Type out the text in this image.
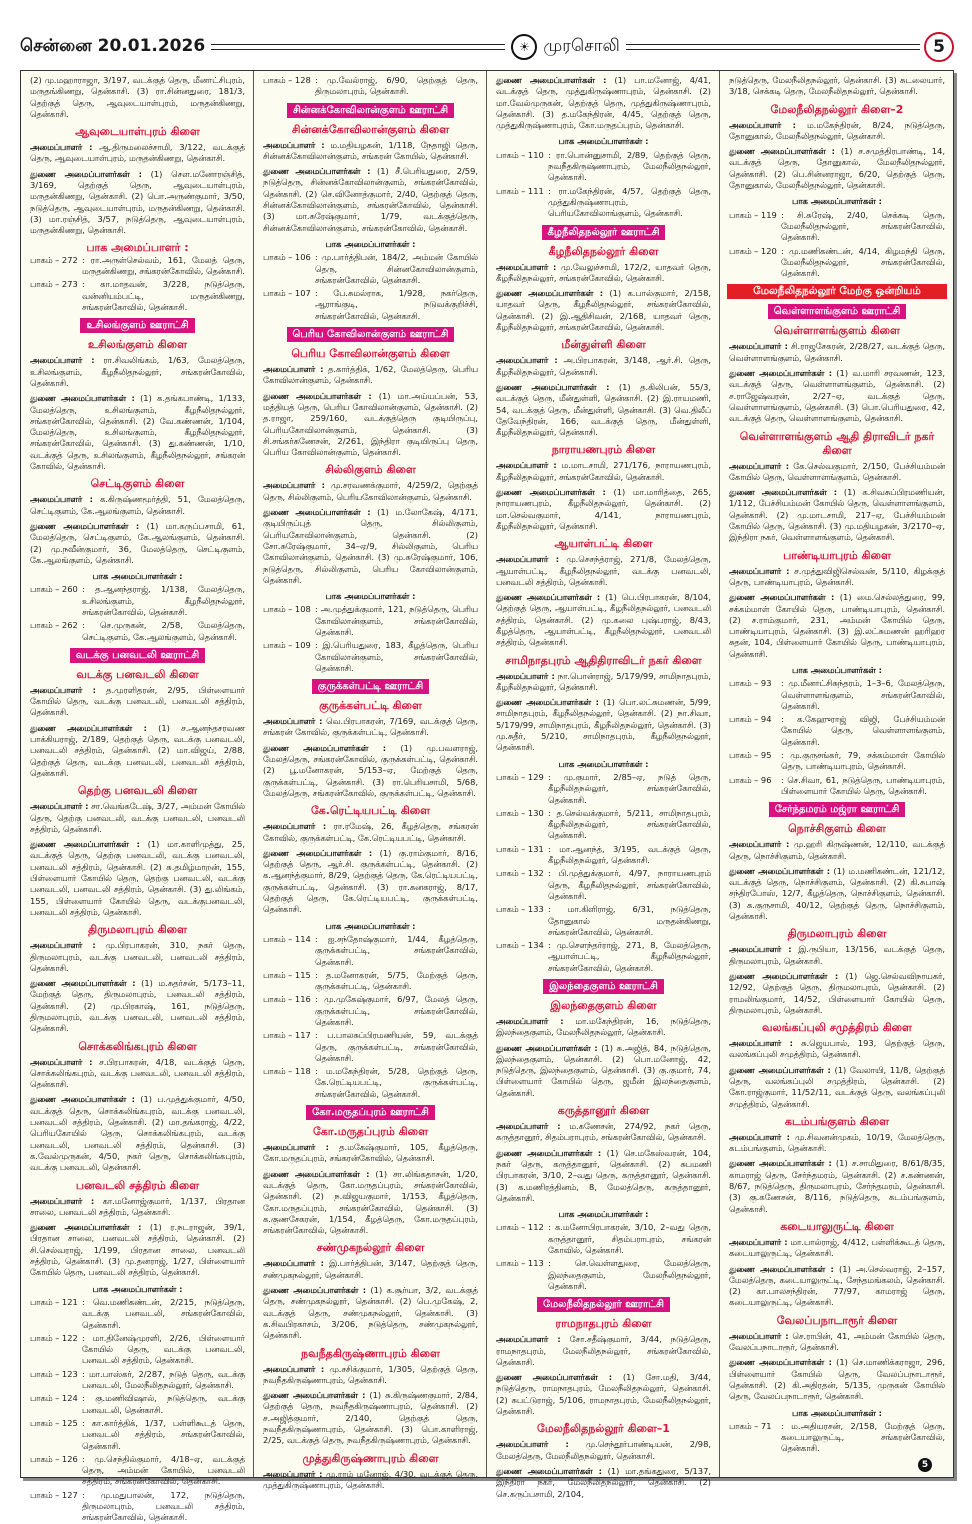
சென்னை 20.01.2026	☀ முரசொலி	5

(2) மு.மஹாராஜா, 3/197, வடக்குத் தெரு, மீனாட்சிபுரம், மருதங்கிணறு, தென்காசி. (3) ரா.சின்னதுரை, 181/3, தெற்குத் தெரு, ஆவுடையாள்புரம், மருதன்கிணறு, தென்காசி.

ஆவுடையாள்புரம் கிளை

அமைப்பாளர் : ஆ.திருமலைச்சாமி, 3/122, வடக்குத் தெரு, ஆவுடையாள்புரம், மருதன்கிணறு, தென்காசி.

துணை அமைப்பாளர்கள் : (1) சௌ.மனோரஞ்சித், 3/169, தெற்குத் தெரு, ஆவுடையாள்புரம், மருதன்கிணறு, தென்காசி. (2) பொ.அருண்குமார், 3/50, நடுத்தெரு, ஆவுடையாள்புரம், மருதன்கிணறு, தென்காசி. (3) மா.ரஞ்சித், 3/57, நடுத்தெரு, ஆவுடையாள்புரம், மருதன்கிணறு, தென்காசி.

பாக அமைப்பாளர் :
பாகம் – 272	: ரா.அருள்செல்வம், 161, மேலத் தெரு, மருதன்கிணறு, சங்கரன்கோவில், தென்காசி.
பாகம் – 273	: கா.மாதவன், 3/228, நடுத்தெரு, வன்னியம்பட்டி, மருதன்கிணறு, சங்கரன்கோவில், தென்காசி.
உசிலங்குளம் ஊராட்சி
உசிலங்குளம் கிளை

அமைப்பாளர் : ரா.சிவலிங்கம், 1/63, மேலத்தெரு, உசிலங்குளம், கீழநீலிதநல்லூர், சங்கரன்கோவில், தென்காசி.

துணை அமைப்பாளர்கள் : (1) க.தங்கபாண்டி, 1/133, மேலத்தெரு, உசிலங்குளம், கீழநீலிதநல்லூர், சங்கரன்கோவில், தென்காசி. (2) வே.கண்ணன், 1/104, மேலத்தெரு, உசிலங்குளம், கீழநீலிதநல்லூர், சங்கரன்கோவில், தென்காசி. (3) து.கண்ணன், 1/10, வடக்குத் தெரு, உசிலங்குளம், கீழநீலிதநல்லூர், சங்கரன் கோவில், தென்காசி.

செட்டிகுளம் கிளை

அமைப்பாளர் : க.கிருஷ்ணமூர்த்தி, 51, மேலத்தெரு, செட்டிகுளம், கே.ஆலங்குளம், தென்காசி.

துணை அமைப்பாளர்கள் : (1) மா.கருப்பசாமி, 61, மேலத்தெரு, செட்டிகுளம், கே.ஆலங்குளம், தென்காசி. (2) மு.நவீன்குமார், 36, மேலத்தெரு, செட்டிகுளம், கே.ஆலங்குளம், தென்காசி.

பாக அமைப்பாளர்கள் :
பாகம் – 260	: த.ஆனந்தராஜ், 1/138, மேலத்தெரு, உசிலங்குளம், கீழநீலிதநல்லூர், சங்கரன்கோவில், தென்காசி.
பாகம் – 262	: செ.முருகன், 2/58, மேலத்தெரு, செட்டிகுளம், கே.ஆலங்குளம், தென்காசி.
வடக்கு பனவடலி ஊராட்சி
வடக்கு பனவடலி கிளை

அமைப்பாளர் : த.முரளிதரன், 2/95, பிள்ளையார் கோயில் தெரு, வடக்கு பனவடலி, பனவடலி சத்திரம், தென்காசி.

துணை அமைப்பாளர்கள் : (1) ச.ஆனந்தசரவண பாக்கியராஜ், 2/189, தெற்குத் தெரு, வடக்கு பனவடலி, பனவடலி சத்திரம், தென்காசி. (2) மா.விஜய், 2/88, தெற்குத் தெரு, வடக்கு பனவடலி, பனவடலி சத்திரம், தென்காசி.

தெற்கு பனவடலி கிளை

அமைப்பாளர் : சா.வெங்கடேஷ், 3/27, அம்மன் கோயில் தெரு, தெற்கு பனவடலி, வடக்கு பனவடலி, பனவடலி சத்திரம், தென்காசி.

துணை அமைப்பாளர்கள் : (1) மா.காளிமுத்து, 25, வடக்குத் தெரு, தெற்கு பனவடலி, வடக்கு பனவடலி, பனவடலி சத்திரம், தென்காசி. (2) சு.தமிழ்மாறன், 155, பிள்ளையார் கோயில் தெரு, தெற்கு பனவடலி, வடக்கு பனவடலி, பனவடலி சத்திரம், தென்காசி. (3) து.லிங்கம், 155, பிள்ளையார் கோயில் தெரு, வடக்குபனவடலி, பனவடலி சத்திரம், தென்காசி.

திருமலாபுரம் கிளை

அமைப்பாளர் : மு.பிரபாகரன், 310, நகர் தெரு, திருமலாபுரம், வடக்கு பனவடலி, பனவடலி சத்திரம், தென்காசி.

துணை அமைப்பாளர்கள் : (1) ம.சுதர்சன், 5/173–11, மேற்குத் தெரு, திருமலாபுரம், பனவடலி சத்திரம், தென்காசி. (2) மு.பிரகாஷ், 161, நடுத்தெரு, திருமலாபுரம், வடக்கு பனவடலி, பனவடலி சத்திரம், தென்காசி.

சொக்கலிங்கபுரம் கிளை

அமைப்பாளர் : ச.பிரபாகரன், 4/18, வடக்குத் தெரு, சொக்கலிங்கபுரம், வடக்கு பனவடலி, பனவடலி சத்திரம், தென்காசி.

துணை அமைப்பாளர்கள் : (1) ப.முத்துக்குமார், 4/50, வடக்குத் தெரு, சொக்கலிங்கபுரம், வடக்கு பனவடலி, பனவடலி சத்திரம், தென்காசி. (2) மா.தங்கராஜ், 4/22, பெரியகோயில் தெரு, சொக்கலிங்கபுரம், வடக்கு பனவடலி, பனவடலி சத்திரம், தென்காசி. (3) க.வேல்முருகன், 4/50, நகர் தெரு, சொக்கலிங்கபுரம், வடக்கு பனவடலி, தென்காசி.

பனவடலி சத்திரம் கிளை

அமைப்பாளர் : கா.மனோஜ்குமார், 1/137, பிரதான சாலை, பனவடலி சத்திரம், தென்காசி.

துணை அமைப்பாளர்கள் : (1) ர.நடராஜன், 39/1, பிரதான சாலை, பனவடலி சத்திரம், தென்காசி. (2) சி.செல்வராஜ், 1/199, பிரதான சாலை, பனவடலி சத்திரம், தென்காசி. (3) மு.தனராஜ், 1/27, பிள்ளையார் கோயில் தெரு, பனவடலி சத்திரம், தென்காசி.

பாக அமைப்பாளர்கள் :
பாகம் – 121	: வெ.மணிகண்டன், 2/215, நடுத்தெரு, வடக்கு பனவடலி, சங்கரன்கோவில், தென்காசி.
பாகம் – 122	: மா.தினேஷ்முரளி, 2/26, பிள்ளையார் கோயில் தெரு, வடக்கு பனவடலி, பனவடலி சத்திரம், தென்காசி.
பாகம் – 123	: மா.பாஸ்கர், 2/287, நடுத் தெரு, வடக்கு பனவடலி, மேலநீலிதநல்லூர், தென்காசி.
பாகம் – 124	: கு.மணிவிஷால், நடுத்தெரு, வடக்கு பனவடலி, தென்காசி.
பாகம் – 125	: கா.கார்த்திக், 1/37, பள்ளிகூடத் தெரு, பனவடலி சத்திரம், சங்கரன்கோவில், தென்காசி.
பாகம் – 126	: மு.செந்தில்குமார், 4/18–ஏ, வடக்குத் தெரு, அம்மன் கோயில், பனவடலி சத்திரம், சங்கரன்கோவில், தென்காசி.
பாகம் – 127	: மு.மதுபாலன், 172, நடுத்தெரு, திருமலாபுரம், பனவடலி சத்திரம், சங்கரன்கோவில், தென்காசி.
பாகம் – 128	: மு.வேல்ராஜ், 6/90, தெற்குத் தெரு, திருமலாபுரம், தென்காசி.
சின்னக்கோவிலான்குளம் ஊராட்சி
சின்னக்கோவிலான்குளம் கிளை

அமைப்பாளர் : ம.மதியழகன், 1/118, நேதாஜி தெரு, சின்னக்கோவிலான்குளம், சங்கரன் கோயில், தென்காசி.

துணை அமைப்பாளர்கள் : (1) சீ.பெரியதுரை, 2/59, நடுத்தெரு, சின்னக்கோவிலான்குளம், சங்கரன்கோவில், தென்காசி. (2) செ.வினோத்குமார், 2/40, தெற்குத் தெரு, சின்னக்கோவிலான்குளம், சங்கரன்கோவில், தென்காசி. (3) மா.சுரேஷ்குமார், 1/79, வடக்குத்தெரு, சின்னக்கோவிலான்குளம், சங்கரன்கோவில், தென்காசி.

பாக அமைப்பாளர்கள் :
பாகம் – 106	: மு.பார்த்திபன், 184/2, அம்மன் கோயில் தெரு, சின்னகோவிலான்குளம், சங்கரன்கோவில், தென்காசி.
பாகம் – 107	: பே.சுமல்ராக, 1/928, நகர்தெரு, ஆராங்குடி, நடுவக்குறிச்சி, சங்கரன்கோவில், தென்காசி.
பெரிய கோவிலான்குளம் ஊராட்சி
பெரிய கோவிலான்குளம் கிளை

அமைப்பாளர் : த.கார்த்திக், 1/62, மேலத்தெரு, பெரிய கோவிலான்குளம், தென்காசி.

துணை அமைப்பாளர்கள் : (1) மா.அய்யப்பன், 53, மத்தியத் தெரு, பெரிய கோவிலான்குளம், தென்காசி. (2) த.ராஜா, 259/160, வடக்குத்தெரு குடியிருப்பு, பெரியகோவிலான்குளம், தென்காசி. (3) சி.சங்கர்கணேசன், 2/261, இந்திரா குடியிருப்பு தெரு, பெரிய கோவிலான்குளம், தென்காசி.

சில்லிகுளம் கிளை

அமைப்பாளர் : மு.சரவணக்குமார், 4/259/2, தெற்குத் தெரு, சில்லிகுளம், பெரியகோவிலான்குளம், தென்காசி.

துணை அமைப்பாளர்கள் : (1) ம.லோகேஷ், 4/171, குடியிருப்புத் தெரு, சில்லிகுளம், பெரியகோவிலான்குளம், தென்காசி. (2) சோ.சுரேஷ்குமார், 34–ஏ/9, சில்லிகுளம், பெரிய கோவிலான்குளம், தென்காசி. (3) மு.சுரேஷ்குமார், 106, நடுத்தெரு, சில்லிகுளம், பெரிய கோவிலான்குளம், தென்காசி.

பாக அமைப்பாளர்கள் :
பாகம் – 108	: அ.முத்துக்குமார், 121, நடுத்தெரு, பெரிய கோவிலான்குளம், சங்கரன்கோவில், தென்காசி.
பாகம் – 109	: இ.பெரியதுரை, 183, கீழத்தெரு, பெரிய கோவிலான்குளம், சங்கரன்கோவில், தென்காசி.
குருக்கள்பட்டி ஊராட்சி
குருக்கள்பட்டி கிளை

அமைப்பாளர் : வெ.பிரபாகரன், 7/169, வடக்குத் தெரு, சங்கரன் கோவில், குருக்கள்பட்டி, தென்காசி.

துணை அமைப்பாளர்கள் : (1) மு.பவளராஜ், மேலத்தெரு, சங்கரன்கோவில், குருக்கள்பட்டி, தென்காசி. (2) பூ.மனோகரன், 5/153–ஏ, மேற்குத் தெரு, குருக்கள்பட்டி, தென்காசி. (3) ரா.பெரியசாமி, 5/68, மேலத்தெரு, சங்கரன்கோவில், குருக்கள்பட்டி, தென்காசி.

கே.ரெட்டியபட்டி கிளை

அமைப்பாளர் : ரா.ரமேஷ், 26, கீழத்தெரு, சங்கரன் கோவில், குருக்கள்பட்டி, கே.ரெட்டியபட்டி, தென்காசி.

துணை அமைப்பாளர்கள் : (1) கு.ராம்குமார், 8/16, தெற்குத் தெரு, ஆர்.சி. குருக்கள்பட்டி, தென்காசி. (2) க.ஆனந்த்குமார், 8/29, தெற்குத் தெரு, கே.ரெட்டியபட்டி, குருக்கள்பட்டி, தென்காசி. (3) ரா.கனகராஜ், 8/17, தெற்குத் தெரு, கே.ரெட்டியபட்டி, குருக்கள்பட்டி, தென்காசி.

பாக அமைப்பாளர்கள் :
பாகம் – 114	: ஐ.சந்தோஷ்குமார், 1/44, கீழத்தெரு, குருக்கள்பட்டி, சங்கரன்கோவில், தென்காசி.
பாகம் – 115	: த.மனோகரன், 5/75, மேற்குத் தெரு, குருக்கள்பட்டி, தென்காசி.
பாகம் – 116	: மு.முகேஷ்குமார், 6/97, மேலத் தெரு, குருக்கள்பட்டி, சங்கரன்கோவில், தென்காசி.
பாகம் – 117	: ப.பாலசுப்பிரமணியன், 59, வடக்குத் தெரு, குருக்கள்பட்டி, சங்கரன்கோவில், தென்காசி.
பாகம் – 118	: ம.மகேந்திரன், 5/28, தெற்குத் தெரு, கே.ரெட்டியபட்டி, குருக்கள்பட்டி, சங்கரன்கோவில், தென்காசி.
கோ.மருதப்புரம் ஊராட்சி
கோ.மருதப்புரம் கிளை

அமைப்பாளர் : த.மகேஷ்குமார், 105, கீழத்தெரு, கோ.மருதப்புரம், சங்கரன்கோவில், தென்காசி.

துணை அமைப்பாளர்கள் : (1) சா.லிங்கதாசன், 1/20, வடக்குத் தெரு, கோ.மருதப்புரம், சங்கரன்கோவில், தென்காசி. (2) ந.விஜயகுமார், 1/153, கீழத்தெரு, கோ.மருதப்புரம், சங்கரன்கோவில், தென்காசி. (3) க.குணசேகரன், 1/154, கீழத்தெரு, கோ.மருதப்புரம், சங்கரன்கோவில், தென்காசி.

சண்முகநல்லூர் கிளை

அமைப்பாளர் : இ.பார்த்திபன், 3/147, தெற்குத் தெரு, சண்முகநல்லூர், தென்காசி.

துணை அமைப்பாளர்கள் : (1) க.சூர்யா, 3/2, வடக்குத் தெரு, சண்முகநல்லூர், தென்காசி. (2) பெ.முகேஷ், 2, வடக்குத் தெரு, சண்முகநல்லூர், தென்காசி. (3) க.சிவபிரகாசம், 3/206, நடுத்தெரு, சண்முகநல்லூர், தென்காசி.

நவநீதகிருஷ்ணாபுரம் கிளை

அமைப்பாளர் : மு.சசிக்குமார், 1/305, தெற்குத் தெரு, நவநீதகிருஷ்ணாபுரம், தென்காசி.

துணை அமைப்பாளர்கள் : (1) சு.கிருஷ்ணகுமார், 2/84, தெற்குத் தெரு, நவநீதகிருஷ்ணாபுரம், தென்காசி. (2) ச.அஜித்குமார், 2/140, தெற்குத் தெரு, நவநீதகிருஷ்ணாபுரம், தென்காசி. (3) பொ.காளிராஜ், 2/25, வடக்குத் தெரு, நவநீதகிருஷ்ணாபுரம், தென்காசி.

முத்துகிருஷ்ணாபுரம் கிளை

அமைப்பாளர் : மு.ராம் மனோஜ், 4/30, வடக்குத் தெரு, முத்துகிருஷ்ணாபுரம், தென்காசி.

துணை அமைப்பாளர்கள் : (1) பா.மனோஜ், 4/41, வடக்குத் தெரு, முத்துகிருஷ்ணாபுரம், தென்காசி. (2) மா.வேல்முருகன், தெற்குத் தெரு, முத்துகிருஷ்ணாபுரம், தென்காசி. (3) த.மகேந்திரன், 4/45, தெற்குத் தெரு, முத்துகிருஷ்ணாபுரம், கோ.மருதப்புரம், தென்காசி.

பாக அமைப்பாளர்கள் :
பாகம் – 110	: ரா.பொன்னுசாமி, 2/89, தெற்குத் தெரு, நவநீதகிருஷ்ணாபுரம், மேலநீலிதநல்லூர், தென்காசி.
பாகம் – 111	: ரா.மகேந்திரன், 4/57, தெற்குத் தெரு, முத்துகிருஷ்ணாபுரம், பெரியகோவிலாங்குளம், தென்காசி.
கீழநீலிதநல்லூர் ஊராட்சி
கீழநீலிதநல்லூர் கிளை

அமைப்பாளர் : மு.வேலுச்சாமி, 172/2, யாதவர் தெரு, கீழநீலிதநல்லூர், சங்கரன்கோவில், தென்காசி.

துணை அமைப்பாளர்கள் : (1) க.பால்குமார், 2/158, யாதவர் தெரு, கீழநீலிதநல்லூர், சங்கரன்கோவில், தென்காசி. (2) இ.ஆதிசிவன், 2/168, யாதவர் தெரு, கீழநீலிதநல்லூர், சங்கரன்கோவில், தென்காசி.

மீன்துள்ளி கிளை

அமைப்பாளர் : அ.பிரபாகரன், 3/148, ஆர்.சி. தெரு, கீழநீலிதநல்லூர், தென்காசி.

துணை அமைப்பாளர்கள் : (1) த.கிலிபன், 55/3, வடக்குத் தெரு, மீன்துள்ளி, தென்காசி. (2) இ.ராயமணி, 54, வடக்குத் தெரு, மீன்துள்ளி, தென்காசி. (3) வெ.திலீப் தேவேந்திரன், 166, வடக்குத் தெரு, மீன்துள்ளி, கீழநீலிதநல்லூர், தென்காசி.

நாராயணபுரம் கிளை

அமைப்பாளர் : ம.மாடசாமி, 271/176, நாராயணபுரம், கீழநீலிதநல்லூர், சங்கரன்கோவில், தென்காசி.

துணை அமைப்பாளர்கள் : (1) மா.மாரித்தை, 265, நாராயணபுரம், கீழநீலிதநல்லூர், தென்காசி. (2) மா.செல்வகுமார், 4/141, நாராயணபுரம், கீழநீலிதநல்லூர், தென்காசி.

ஆயாள்பட்டி கிளை

அமைப்பாளர் : மு.செசந்த்ராஜ், 271/8, மேலத்தெரு, ஆயாள்பட்டி, கீழநீலிதநல்லூர், வடக்கு பனவடலி, பனவடலி சத்திரம், தென்காசி.

துணை அமைப்பாளர்கள் : (1) பெ.பிரபாகரன், 8/104, தெற்குத் தெரு, ஆயாள்பட்டி, கீழநீலிதநல்லூர், பனவடலி சத்திரம், தென்காசி. (2) மு.கலை புஷ்பராஜ், 8/43, கீழத்தெரு, ஆயாள்பட்டி, கீழநீலிதநல்லூர், பனவடலி சத்திரம், தென்காசி.

சாமிநாதபுரம் ஆதிதிராவிடர் நகர் கிளை

அமைப்பாளர் : நா.பொன்ராஜ், 5/179/99, சாமிநாதபுரம், கீழநீலிதநல்லூர், தென்காசி.

துணை அமைப்பாளர்கள் : (1) பொ.லட்சுமணன், 5/99, சாமிநாதபுரம், கீழநீலிதநல்லூர், தென்காசி. (2) நா.சிவா, 5/179/99, சாமிநாதபுரம், கீழநீலிதநல்லூர், தென்காசி. (3) மு.சுதீர், 5/210, சாமிநாதபுரம், கீழநீலிதநல்லூர், தென்காசி.

பாக அமைப்பாளர்கள் :
பாகம் – 129	: மு.குமார், 2/85–ஏ, நடுத் தெரு, கீழநீலிதநல்லூர், சங்கரன்கோவில், தென்காசி.
பாகம் – 130	: த.செல்வக்குமார், 5/211, சாமிநாதபுரம், கீழநீலிதநல்லூர், சங்கரன்கோவில், தென்காசி.
பாகம் – 131	: மா.ஆனந்த், 3/195, வடக்குத் தெரு, கீழநீலிதநல்லூர், தென்காசி.
பாகம் – 132	: பி.முத்துக்குமார், 4/97, நாராயணபுரம் தெரு, கீழநீலிதநல்லூர், சங்கரன்கோவில், தென்காசி.
பாகம் – 133	: மா.கிளிராஜ், 6/31, நடுத்தெரு, தோனுகால் மருதன்கிணறு, சங்கரன்கோவில், தென்காசி.
பாகம் – 134	: மு.சௌந்தர்ராஜ், 271, 8, மேலத்தெரு, ஆயாள்பட்டி, கீழநீலிதநல்லூர், சங்கரன்கோவில், தென்காசி.
இலந்தைகுளம் ஊராட்சி
இலந்தைகுளம் கிளை

அமைப்பாளர் : மா.மகேந்திரன், 16, நடுத்தெரு, இலந்தைகுளம், மேலநீலிதநல்லூர், தென்காசி.

துணை அமைப்பாளர்கள் : (1) சு.அஜித், 84, நடுத்தெரு, இலந்தைகுளம், தென்காசி. (2) பொ.மனோஜ், 42, நடுத்தெரு, இலந்தைகுளம், தென்காசி. (3) கு.குமார், 74, பிள்ளையார் கோயில் தெரு, ஜமீன் இலந்தைகுளம், தென்காசி.

கருத்தானூர் கிளை

அமைப்பாளர் : ம.கணேசன், 274/92, நகர் தெரு, கருத்தானூர், சிதம்பராபுரம், சங்கரன்கோவில், தென்காசி.

துணை அமைப்பாளர்கள் : (1) செ.மகேஸ்வரன், 104, நகர் தெரு, கருத்தானூர், தென்காசி. (2) சுபமணி பிரபாகரன், 3/10, 2–வது தெரு, கருத்தானூர், தென்காசி. (3) க.மணிரத்தினம், 8, மேலத்தெரு, கருத்தானூர், தென்காசி.

பாக அமைப்பாளர்கள் :
பாகம் – 112	: க.மனோபிரபாகரன், 3/10, 2–வது தெரு, கருத்தானூர், சிதம்பராபுரம், சங்கரன் கோவில், தென்காசி.
பாகம் – 113	: செ.வெள்ளதுரை, மேலத்தெரு, இலந்தைகுளம், மேலநீலிதநல்லூர், தென்காசி.
மேலநீலிதநல்லூர் ஊராட்சி
ராமநாதபுரம் கிளை

அமைப்பாளர் : சோ.சதீஷ்குமார், 3/44, நடுத்தெரு, ராமநாதபுரம், மேலநீலிதநல்லூர், சங்கரன்கோவில், தென்காசி.

துணை அமைப்பாளர்கள் : (1) சோ.மதி, 3/44, நடுத்தெரு, ராமநாதபுரம், மேலநீலிதநல்லூர், தென்காசி. (2) சுபட்டுராஜ், 5/106, ராமநாதபுரம், மேலநீலிதநல்லூர், தென்காசி.

மேலநீலிதநல்லூர் கிளை–1

அமைப்பாளர் : மு.செந்தூர்பாண்டியன், 2/98, மேலத்தெரு, மேலநீலிதநல்லூர், தென்காசி.

துணை அமைப்பாளர்கள் : (1) மா.தங்கதுரை, 5/137, இந்திரா நகர், மேலநீலிதநல்லூர், தென்காசி. (2) செ.கருப்பசாமி, 2/104,

நடுத்தெரு, மேலநீலிதநல்லூர், தென்காசி. (3) சுடலையார், 3/18, செக்கடி தெரு, மேலநீலிதநல்லூர், தென்காசி.

மேலநீலிதநல்லூர் கிளை–2

அமைப்பாளர் : ம.மகேந்திரன், 8/24, நடுத்தெரு, தோனுகால், மேலநீலிதநல்லூர், தென்காசி.

துணை அமைப்பாளர்கள் : (1) ச.சமுத்திரபாண்டி, 14, வடக்குத் தெரு, தோனுகால், மேலநீலிதநல்லூர், தென்காசி. (2) பெ.சின்னராஜா, 6/20, தெற்குத் தெரு, தோனுகால், மேலநீலிதநல்லூர், தென்காசி.

பாக அமைப்பாளர்கள் :
பாகம் – 119	: சி.சுரேஷ், 2/40, செக்கடி தெரு, மேலநீலிதநல்லூர், சங்கரன்கோவில், தென்காசி.
பாகம் – 120	: மு.மணிகண்டன், 4/14, கிழமந்தி தெரு, மேலநீலிதநல்லூர், சங்கரன்கோவில், தென்காசி.
மேலநீலிதநல்லூர் மேற்கு ஒன்றியம்
வெள்ளாளங்குளம் ஊராட்சி
வெள்ளாளங்குளம் கிளை

அமைப்பாளர் : சி.ராஜசேகரன், 2/28/27, வடக்குத் தெரு, வெள்ளாளங்குளம், தென்காசி.

துணை அமைப்பாளர்கள் : (1) வ.மாரி சரவணன், 123, வடக்குத் தெரு, வெள்ளாளங்குளம், தென்காசி. (2) ச.ராஜேஷ்வரன், 2/27–ஏ, வடக்குத் தெரு, வெள்ளாளங்குளம், தென்காசி. (3) பொ.பெரியதுரை, 42, வடக்குத் தெரு, வெள்ளாளங்குளம், தென்காசி.

வெள்ளாளங்குளம் ஆதி திராவிடர் நகர் கிளை

அமைப்பாளர் : கே.செல்வகுமார், 2/150, பேச்சியம்மன் கோயில் தெரு, வெள்ளாளங்குளம், தென்காசி.

துணை அமைப்பாளர்கள் : (1) க.சிவசுப்பிரமணியன், 1/112, பேச்சியம்மன் கோயில் தெரு, வெள்ளாளங்குளம், தென்காசி. (2) மு.மாடசாமி, 217–ஏ, பேச்சியம்மன் கோயில் தெரு, தென்காசி. (3) மு.மதியழகன், 3/2170–ஏ, இந்திரா நகர், வெள்ளாளங்குளம், தென்காசி.

பாண்டியாபுரம் கிளை

அமைப்பாளர் : ச.முத்துவிஜிசெல்வன், 5/110, கிழக்குத் தெரு, பாண்டியாபுரம், தென்காசி.

துணை அமைப்பாளர்கள் : (1) மை.செல்லத்துரை, 99, சக்கம்மாள் கோயில் தெரு, பாண்டியாபுரம், தென்காசி. (2) ச.ராம்குமார், 231, அம்மன் கோயில் தெரு, பாண்டியாபுரம், தென்காசி. (3) இ.லட்சுமணன் ஹரிஹர சுதன், 104, பிள்ளையார் கோயில் தெரு, பாண்டியாபுரம், தென்காசி.

பாக அமைப்பாளர்கள் :
பாகம் – 93	: மு.மீனாட்சிசுந்தரம், 1–3–6, மேலத்தெரு, வெள்ளாளங்குளம், சங்கரன்கோவில், தென்காசி.
பாகம் – 94	: க.கேஹுராஜ் விஜி, பேச்சியம்மன் கோயில் தெரு, வெள்ளாளங்குளம், தென்காசி.
பாகம் – 95	: மு.குருசங்கர், 79, சக்கம்மாள் கோயில் தெரு, பாண்டியாபுரம், தென்காசி.
பாகம் – 96	: செ.சிவா, 61, நடுத்தெரு, பாண்டியாபுரம், பிள்ளையார் கோயில் தெரு, தென்காசி.
சேர்ந்தமரம் மஜ்ரா ஊராட்சி
நொச்சிகுளம் கிளை

அமைப்பாளர் : மு.ஹரி கிருஷ்ணன், 12/110, வடக்குத் தெரு, நொச்சிகுளம், தென்காசி.

துணை அமைப்பாளர்கள் : (1) ம.மணிகண்டன், 121/12, வடக்குத் தெரு, நொச்சிகுளம், தென்காசி. (2) கி.சுபாஷ் சந்திரபோஸ், 12/7, கீழத்தெரு, நொச்சிகுளம், தென்காசி. (3) க.குருசாமி, 40/12, தெற்குத் தெரு, நொச்சிகுளம், தென்காசி.

திருமலாபுரம் கிளை

அமைப்பாளர் : இ.ருபியா, 13/156, வடக்குத் தெரு, திருமலாபுரம், தென்காசி.

துணை அமைப்பாளர்கள் : (1) ஜெ.செல்வவிநாயகர், 12/92, தெற்குத் தெரு, திருமலாபுரம், தென்காசி. (2) ராமலிங்குமார், 14/52, பிள்ளையார் கோயில் தெரு, திருமலாபுரம், தென்காசி.

வலங்கப்புலி சமுத்திரம் கிளை

அமைப்பாளர் : சு.ஜெயபால், 193, தெற்குத் தெரு, வலங்கப்புலி சமுத்திரம், தென்காசி.

துணை அமைப்பாளர்கள் : (1) வேலாயி, 11/8, தெற்குத் தெரு, வலங்கப்புலி சமுத்திரம், தென்காசி. (2) கோ.ராஜ்குமார், 11/52/11, வடக்குத் தெரு, வலங்கப்புலி சமுத்திரம், தென்காசி.

கடம்பங்குளம் கிளை

அமைப்பாளர் : மு.சிவனன்முகம், 10/19, மேலத்தெரு, கடம்பங்குளம், தென்காசி.

துணை அமைப்பாளர்கள் : (1) ச.சாமிதுரை, 8/61/8/35, காமராஜ் தெரு, சேர்ந்தமரம், தென்காசி. (2) ச.கண்ணன், 8/67, நடுத்தெரு, திருமலாபுரம், சேர்ந்தமரம், தென்காசி. (3) கு.கணேசன், 8/116, நடுத்தெரு, கடம்பங்குளம், தென்காசி.

கடையாலுருட்டி கிளை

அமைப்பாளர் : மா.பால்ராஜ், 4/412, பள்ளிக்கூடத் தெரு, கடையாலுருட்டி, தென்காசி.

துணை அமைப்பாளர்கள் : (1) அ.செல்வராஜ், 2–157, மேலத்தெரு, கடையாலுருட்டி, சேந்தமங்கலம், தென்காசி. (2) கா.பாலசந்திரன், 77/97, காமராஜ் தெரு, கடையாலுருட்டி, தென்காசி.

வேலப்பநாடாரூர் கிளை

அமைப்பாளர் : செ.ராபின், 41, அம்மன் கோயில் தெரு, வேலப்பநாடாரூர், தென்காசி.

துணை அமைப்பாளர்கள் : (1) செ.மாணிக்கராஜா, 296, பிள்ளையார் கோயில் தெரு, வேலப்பநாடாரூர், தென்காசி. (2) கி.அதிரதன், 5/135, முருகன் கோயில் தெரு, வேலப்பநாடாரூர், தென்காசி.

பாக அமைப்பாளர்கள் :
பாகம் – 71	: ம.அதியரசன், 2/158, மேற்குத் தெரு, கடையாலுருட்டி, சங்கரன்கோவில், தென்காசி.
5
